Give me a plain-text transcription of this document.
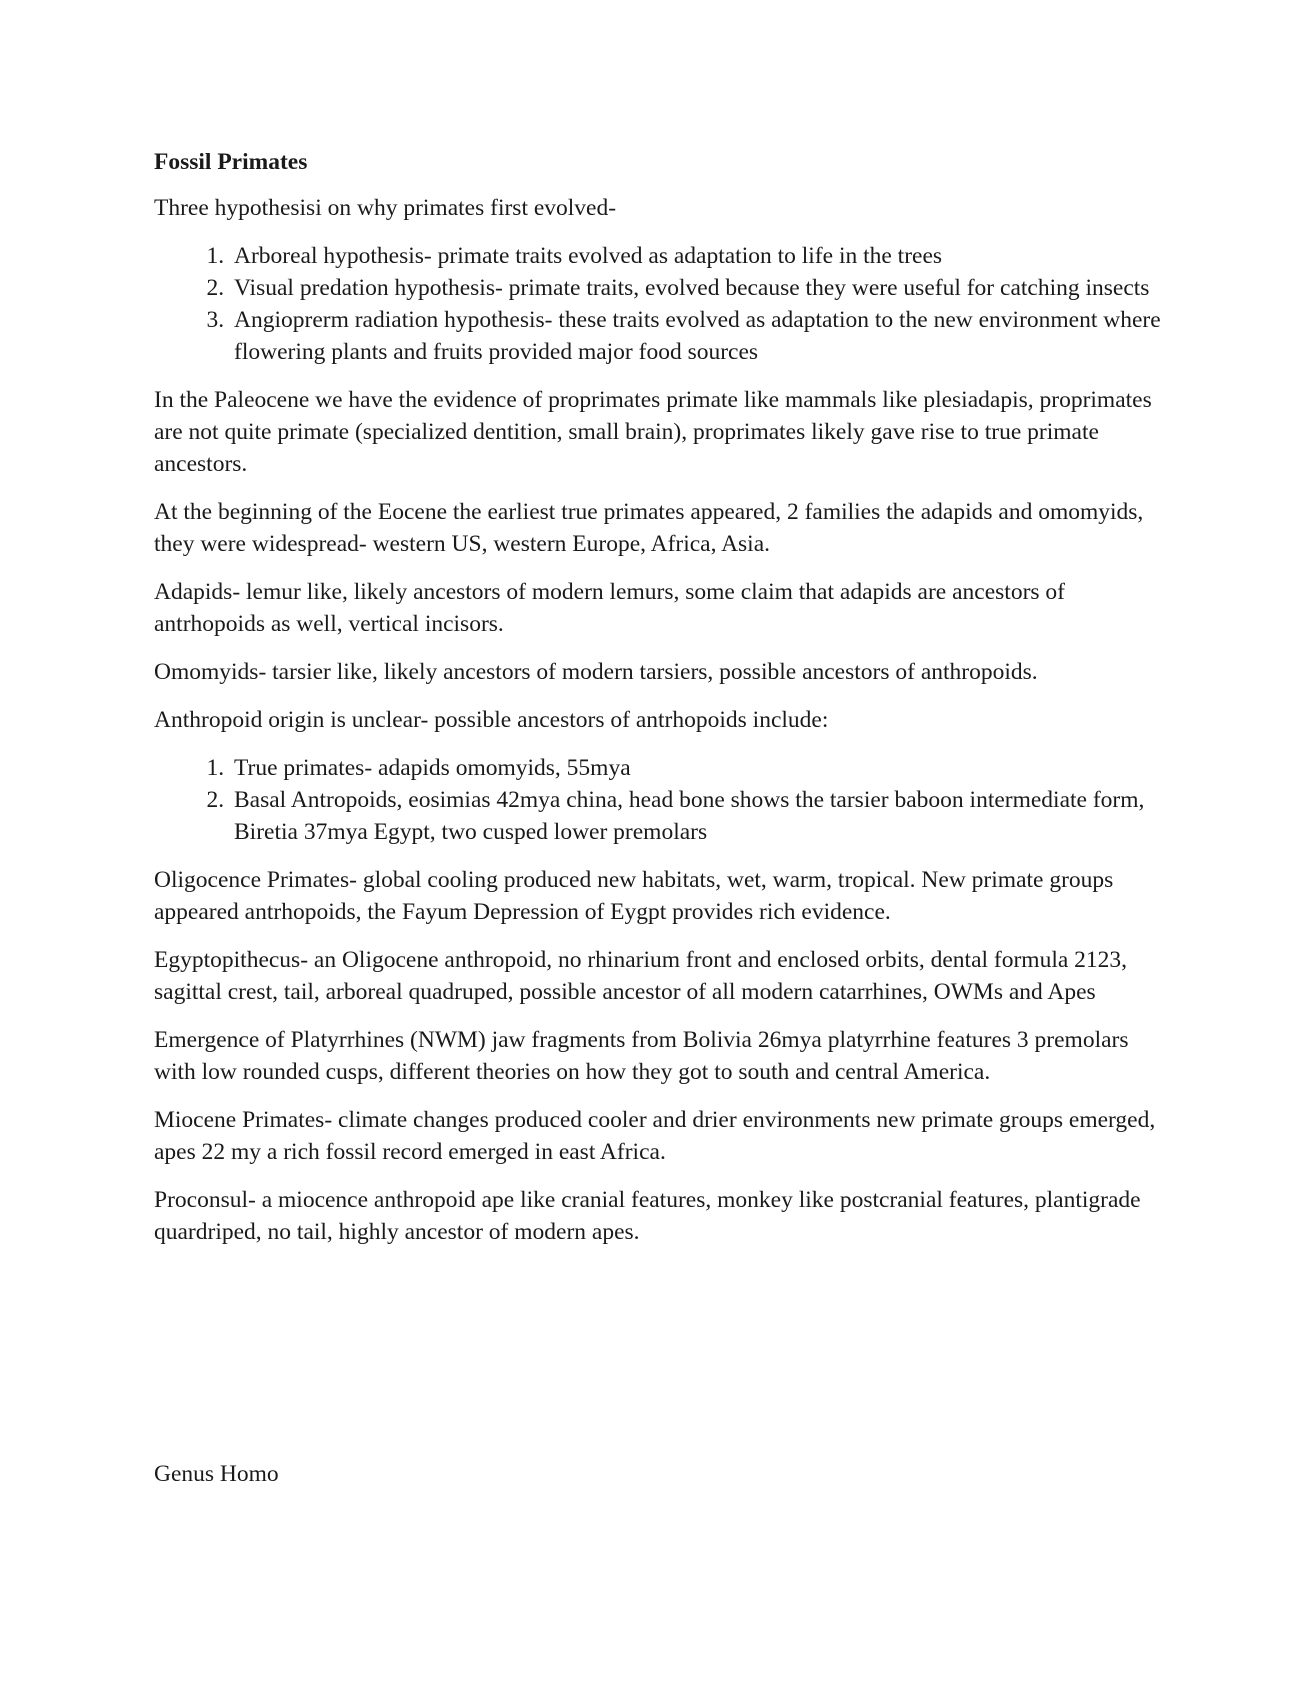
Fossil Primates

Three hypothesisi on why primates first evolved-

1. Arboreal hypothesis- primate traits evolved as adaptation to life in the trees
2. Visual predation hypothesis- primate traits, evolved because they were useful for catching insects
3. Angioprerm radiation hypothesis- these traits evolved as adaptation to the new environment where flowering plants and fruits provided major food sources

In the Paleocene we have the evidence of proprimates primate like mammals like plesiadapis, proprimates are not quite primate (specialized dentition, small brain), proprimates likely gave rise to true primate ancestors.

At the beginning of the Eocene the earliest true primates appeared, 2 families the adapids and omomyids, they were widespread- western US, western Europe, Africa, Asia.

Adapids- lemur like, likely ancestors of modern lemurs, some claim that adapids are ancestors of antrhopoids as well, vertical incisors.

Omomyids- tarsier like, likely ancestors of modern tarsiers, possible ancestors of anthropoids.

Anthropoid origin is unclear- possible ancestors of antrhopoids include:

1. True primates- adapids omomyids, 55mya
2. Basal Antropoids, eosimias 42mya china, head bone shows the tarsier baboon intermediate form, Biretia 37mya Egypt, two cusped lower premolars

Oligocence Primates- global cooling produced new habitats, wet, warm, tropical. New primate groups appeared antrhopoids, the Fayum Depression of Eygpt provides rich evidence.

Egyptopithecus- an Oligocene anthropoid, no rhinarium front and enclosed orbits, dental formula 2123, sagittal crest, tail, arboreal quadruped, possible ancestor of all modern catarrhines, OWMs and Apes

Emergence of Platyrrhines (NWM) jaw fragments from Bolivia 26mya platyrrhine features 3 premolars with low rounded cusps, different theories on how they got to south and central America.

Miocene Primates- climate changes produced cooler and drier environments new primate groups emerged, apes 22 my a rich fossil record emerged in east Africa.

Proconsul- a miocence anthropoid ape like cranial features, monkey like postcranial features, plantigrade quardriped, no tail, highly ancestor of modern apes.

Genus Homo
